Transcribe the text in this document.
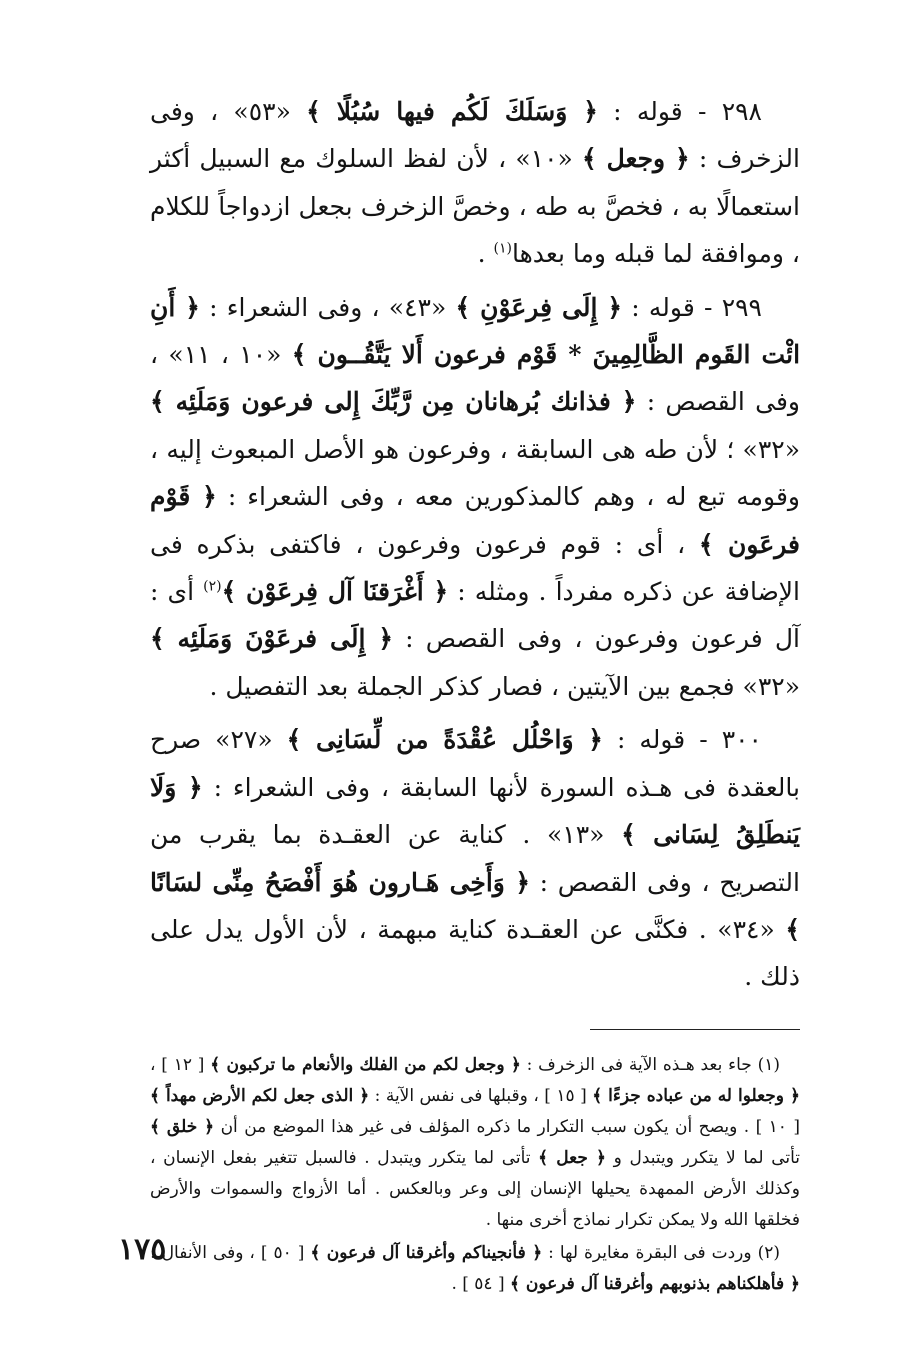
٢٩٨ - قوله : ﴿ وَسَلَكَ لَكُم فيها سُبُلًا ﴾ «٥٣» ، وفى الزخرف : ﴿ وجعل ﴾ «١٠» ، لأن لفظ السلوك مع السبيل أكثر استعمالًا به ، فخصَّ به طه ، وخصَّ الزخرف بجعل ازدواجاً للكلام ، وموافقة لما قبله وما بعدها$^{(١)}$ .

٢٩٩ - قوله : ﴿ إِلَى فِرعَوْنِ ﴾ «٤٣» ، وفى الشعراء : ﴿ أَنِ ائْت القَوم الظَّالِمِينَ * قَوْم فرعون أَلا يَتَّقُــون ﴾ «١٠ ، ١١» ، وفى القصص : ﴿ فذانك بُرهانان مِن رَّبِّكَ إِلى فرعون وَمَلَئِه ﴾ «٣٢» ؛ لأن طه هى السابقة ، وفرعون هو الأصل المبعوث إليه ، وقومه تبع له ، وهم كالمذكورين معه ، وفى الشعراء : ﴿ قَوْم فرعَون ﴾ ، أى : قوم فرعون وفرعون ، فاكتفى بذكره فى الإضافة عن ذكره مفرداً . ومثله : ﴿ أَغْرَقنَا آل فِرعَوْن ﴾$^{(٢)}$ أى : آل فرعون وفرعون ، وفى القصص : ﴿ إِلَى فرعَوْنَ وَمَلَئِه ﴾ «٣٢» فجمع بين الآيتين ، فصار كذكر الجملة بعد التفصيل .

٣٠٠ - قوله : ﴿ وَاحْلُل عُقْدَةً من لِّسَانِى ﴾ «٢٧» صرح بالعقدة فى هـذه السورة لأنها السابقة ، وفى الشعراء : ﴿ وَلَا يَنطَلِقُ لِسَانى ﴾ «١٣» . كناية عن العقـدة بما يقرب من التصريح ، وفى القصص : ﴿ وَأَخِى هَـارون هُوَ أَفْصَحُ مِنِّى لسَانًا ﴾ «٣٤» . فكنَّى عن العقـدة كناية مبهمة ، لأن الأول يدل على ذلك .

(١) جاء بعد هـذه الآية فى الزخرف : ﴿ وجعل لكم من الفلك والأنعام ما تركبون ﴾ [ ١٢ ] ، ﴿ وجعلوا له من عباده جزءًا ﴾ [ ١٥ ] ، وقبلها فى نفس الآية : ﴿ الذى جعل لكم الأرض مهداً ﴾ [ ١٠ ] . ويصح أن يكون سبب التكرار ما ذكره المؤلف فى غير هذا الموضع من أن ﴿ خلق ﴾ تأتى لما لا يتكرر ويتبدل و ﴿ جعل ﴾ تأتى لما يتكرر ويتبدل . فالسبل تتغير بفعل الإنسان ، وكذلك الأرض الممهدة يحيلها الإنسان إلى وعر وبالعكس . أما الأزواج والسموات والأرض فخلقها الله ولا يمكن تكرار نماذج أخرى منها .

(٢) وردت فى البقرة مغايرة لها : ﴿ فأنجيناكم وأغرقنا آل فرعون ﴾ [ ٥٠ ] ، وفى الأنفال : ﴿ فأهلكناهم بذنوبهم وأغرقنا آل فرعون ﴾ [ ٥٤ ] .

١٧٥
